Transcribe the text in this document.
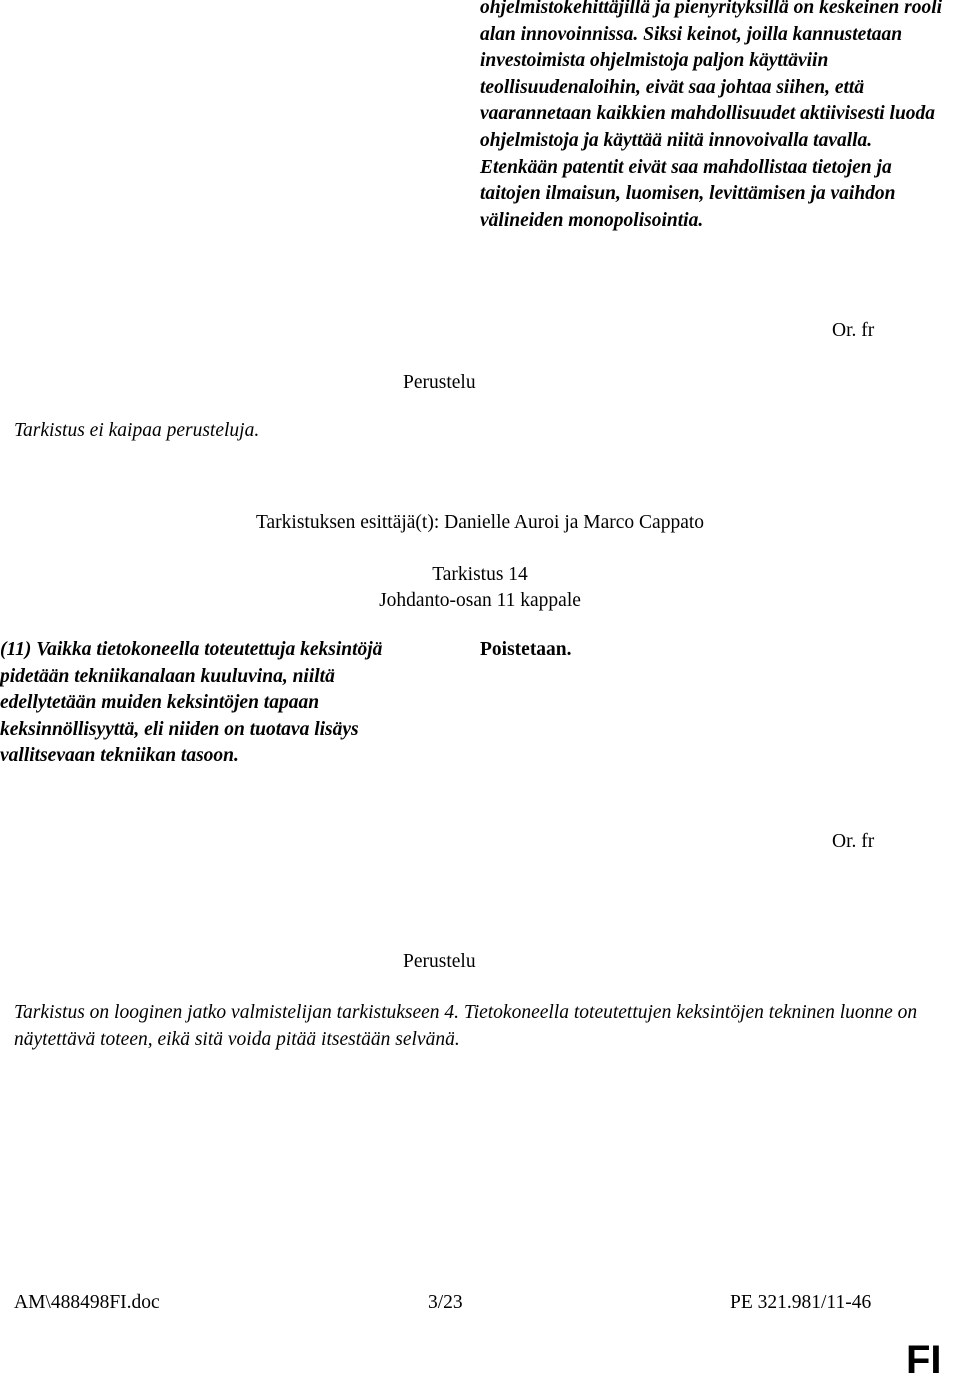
ohjelmistokehittäjillä ja pienyrityksillä on keskeinen rooli alan innovoinnissa. Siksi keinot, joilla kannustetaan investoimista ohjelmistoja paljon käyttäviin teollisuudenaloihin, eivät saa johtaa siihen, että vaarannetaan kaikkien mahdollisuudet aktiivisesti luoda ohjelmistoja ja käyttää niitä innovoivalla tavalla. Etenkään patentit eivät saa mahdollistaa tietojen ja taitojen ilmaisun, luomisen, levittämisen ja vaihdon välineiden monopolisointia.
Or. fr
Perustelu
Tarkistus ei kaipaa perusteluja.
Tarkistuksen esittäjä(t): Danielle Auroi ja Marco Cappato
Tarkistus 14
Johdanto-osan 11 kappale
(11) Vaikka tietokoneella toteutettuja keksintöjä pidetään tekniikanalaan kuuluvina, niiltä edellytetään muiden keksintöjen tapaan keksinnöllisyyttä, eli niiden on tuotava lisäys vallitsevaan tekniikan tasoon.
Poistetaan.
Or. fr
Perustelu
Tarkistus on looginen jatko valmistelijan tarkistukseen 4. Tietokoneella toteutettujen keksintöjen tekninen luonne on näytettävä toteen, eikä sitä voida pitää itsestään selvänä.
AM\488498FI.doc	3/23	PE 321.981/11-46
FI
